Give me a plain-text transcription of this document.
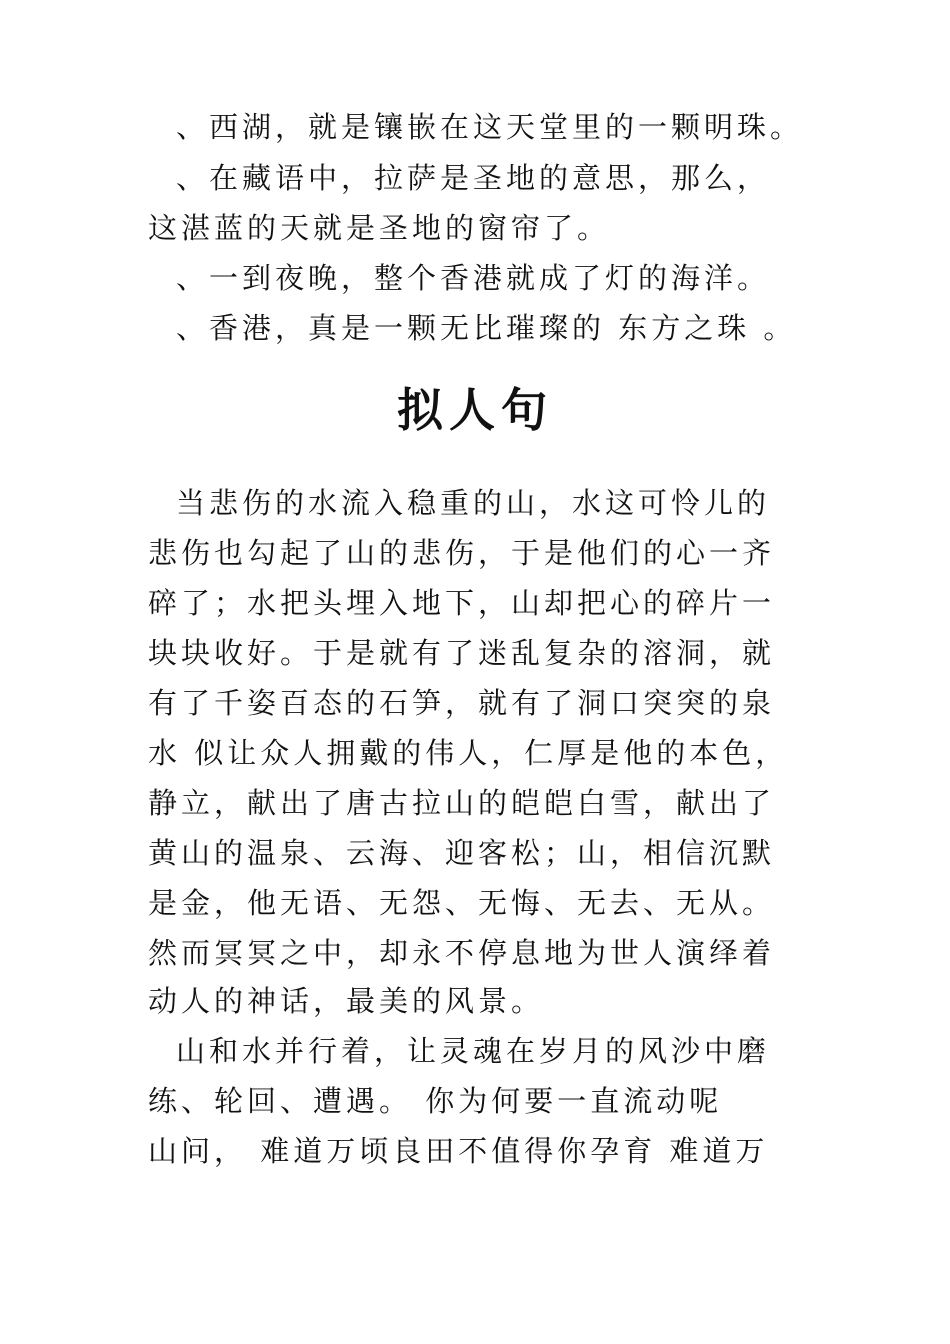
、西湖，就是镶嵌在这天堂里的一颗明珠。
、在藏语中，拉萨是圣地的意思，那么，
这湛蓝的天就是圣地的窗帘了。
、一到夜晚，整个香港就成了灯的海洋。
、香港，真是一颗无比璀璨的 东方之珠 。
拟人句
当悲伤的水流入稳重的山，水这可怜儿的
悲伤也勾起了山的悲伤，于是他们的心一齐
碎了；水把头埋入地下，山却把心的碎片一
块块收好。于是就有了迷乱复杂的溶洞，就
有了千姿百态的石笋，就有了洞口突突的泉
水 似让众人拥戴的伟人，仁厚是他的本色，
静立，献出了唐古拉山的皑皑白雪，献出了
黄山的温泉、云海、迎客松；山，相信沉默
是金，他无语、无怨、无悔、无去、无从。
然而冥冥之中，却永不停息地为世人演绎着
动人的神话，最美的风景。
山和水并行着，让灵魂在岁月的风沙中磨
练、轮回、遭遇。 你为何要一直流动呢
山问， 难道万顷良田不值得你孕育 难道万
